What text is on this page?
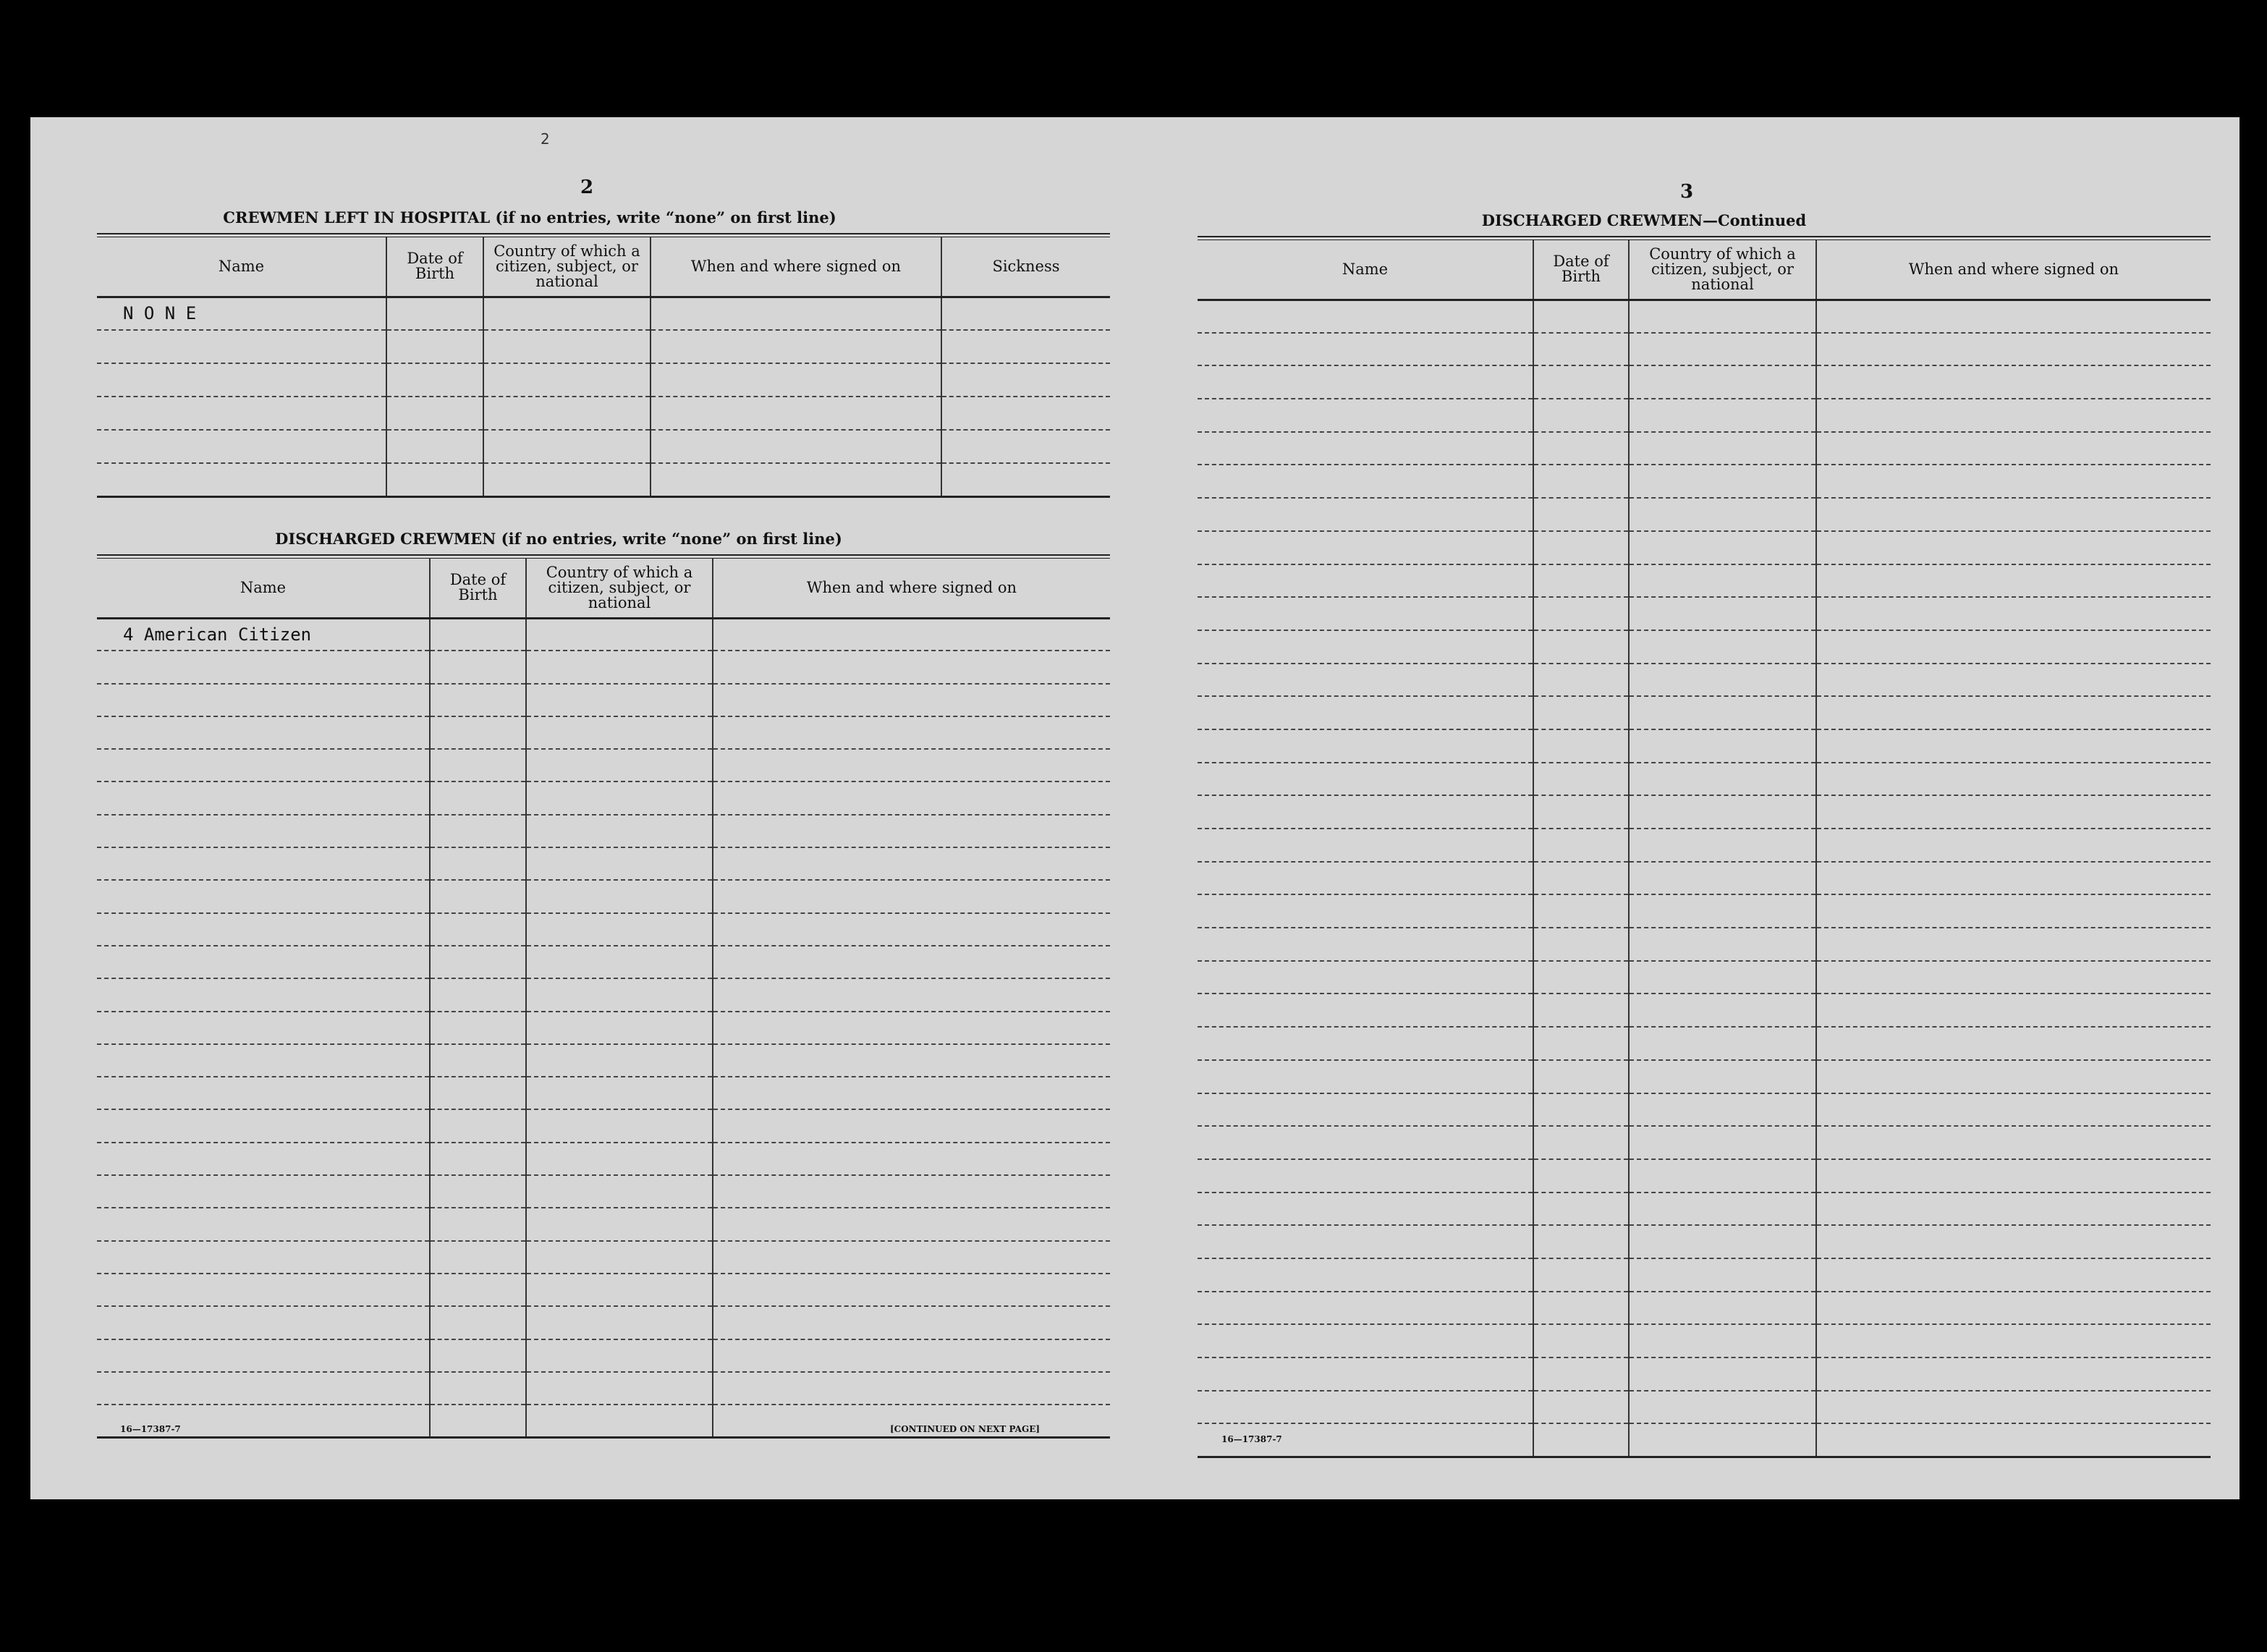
2
2
CREWMEN LEFT IN HOSPITAL (if no entries, write “none” on first line)
Name	Date of Birth	Country of which a citizen, subject, or national	When and where signed on	Sickness
N O N E				

DISCHARGED CREWMEN (if no entries, write “none” on first line)
Name	Date of Birth	Country of which a citizen, subject, or national	When and where signed on
4 American Citizen			

16—17387-7	[CONTINUED ON NEXT PAGE]
3
DISCHARGED CREWMEN—Continued
Name	Date of Birth	Country of which a citizen, subject, or national	When and where signed on

16—17387-7
